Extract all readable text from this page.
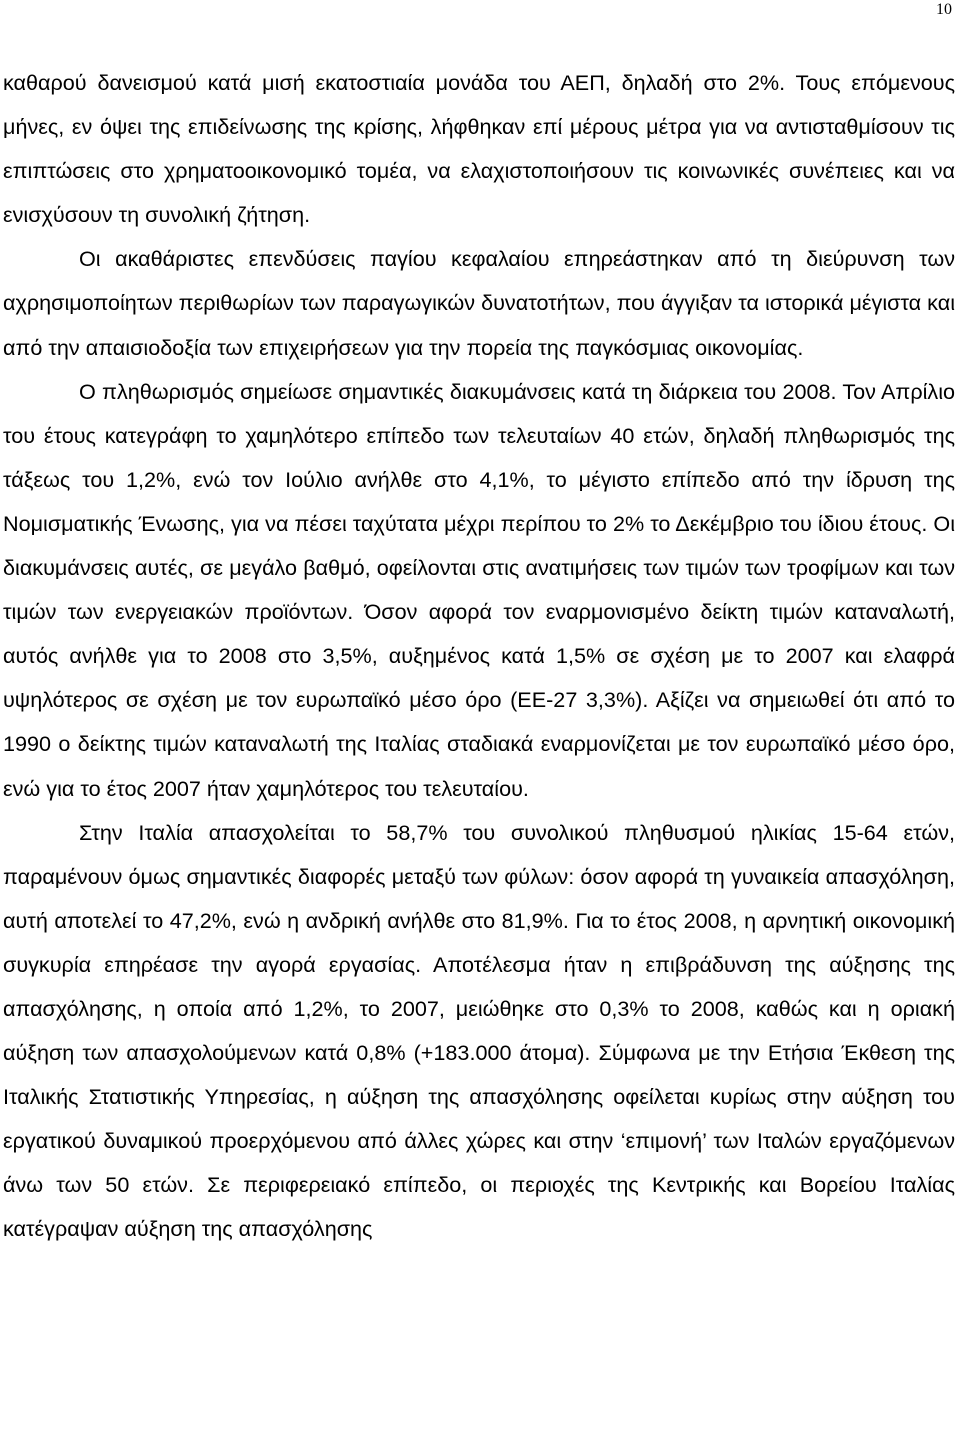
10

καθαρού δανεισμού κατά μισή εκατοστιαία μονάδα του ΑΕΠ, δηλαδή στο 2%. Τους επόμενους μήνες, εν όψει της επιδείνωσης της κρίσης, λήφθηκαν επί μέρους μέτρα για να αντισταθμίσουν τις επιπτώσεις στο χρηματοοικονομικό τομέα, να ελαχιστοποιήσουν τις κοινωνικές συνέπειες και να ενισχύσουν τη συνολική ζήτηση.

Οι ακαθάριστες επενδύσεις παγίου κεφαλαίου επηρεάστηκαν από τη διεύρυνση των αχρησιμοποίητων περιθωρίων των παραγωγικών δυνατοτήτων, που άγγιξαν τα ιστορικά μέγιστα και από την απαισιοδοξία των επιχειρήσεων για την πορεία της παγκόσμιας οικονομίας.

Ο πληθωρισμός σημείωσε σημαντικές διακυμάνσεις κατά τη διάρκεια του 2008. Τον Απρίλιο του έτους κατεγράφη το χαμηλότερο επίπεδο των τελευταίων 40 ετών, δηλαδή πληθωρισμός της τάξεως του 1,2%, ενώ τον Ιούλιο ανήλθε στο 4,1%, το μέγιστο επίπεδο από την ίδρυση της Νομισματικής Ένωσης, για να πέσει ταχύτατα μέχρι περίπου το 2% το Δεκέμβριο του ίδιου έτους. Οι διακυμάνσεις αυτές, σε μεγάλο βαθμό, οφείλονται στις ανατιμήσεις των τιμών των τροφίμων και των τιμών των ενεργειακών προϊόντων. Όσον αφορά τον εναρμονισμένο δείκτη τιμών καταναλωτή, αυτός ανήλθε για το 2008 στο 3,5%, αυξημένος κατά 1,5% σε σχέση με το 2007 και ελαφρά υψηλότερος σε σχέση με τον ευρωπαϊκό μέσο όρο (ΕΕ-27 3,3%). Αξίζει να σημειωθεί ότι από το 1990 ο δείκτης τιμών καταναλωτή της Ιταλίας σταδιακά εναρμονίζεται με τον ευρωπαϊκό μέσο όρο, ενώ για το έτος 2007 ήταν χαμηλότερος του τελευταίου.

Στην Ιταλία απασχολείται το 58,7% του συνολικού πληθυσμού ηλικίας 15-64 ετών, παραμένουν όμως σημαντικές διαφορές μεταξύ των φύλων: όσον αφορά τη γυναικεία απασχόληση, αυτή αποτελεί το 47,2%, ενώ η ανδρική ανήλθε στο 81,9%. Για το έτος 2008, η αρνητική οικονομική συγκυρία επηρέασε την αγορά εργασίας. Αποτέλεσμα ήταν η επιβράδυνση της αύξησης της απασχόλησης, η οποία από 1,2%, το 2007, μειώθηκε στο 0,3% το 2008, καθώς και η οριακή αύξηση των απασχολούμενων κατά 0,8% (+183.000 άτομα). Σύμφωνα με την Ετήσια Έκθεση της Ιταλικής Στατιστικής Υπηρεσίας, η αύξηση της απασχόλησης οφείλεται κυρίως στην αύξηση του εργατικού δυναμικού προερχόμενου από άλλες χώρες και στην ‘επιμονή’ των Ιταλών εργαζόμενων άνω των 50 ετών. Σε περιφερειακό επίπεδο, οι περιοχές της Κεντρικής και Βορείου Ιταλίας κατέγραψαν αύξηση της απασχόλησης
